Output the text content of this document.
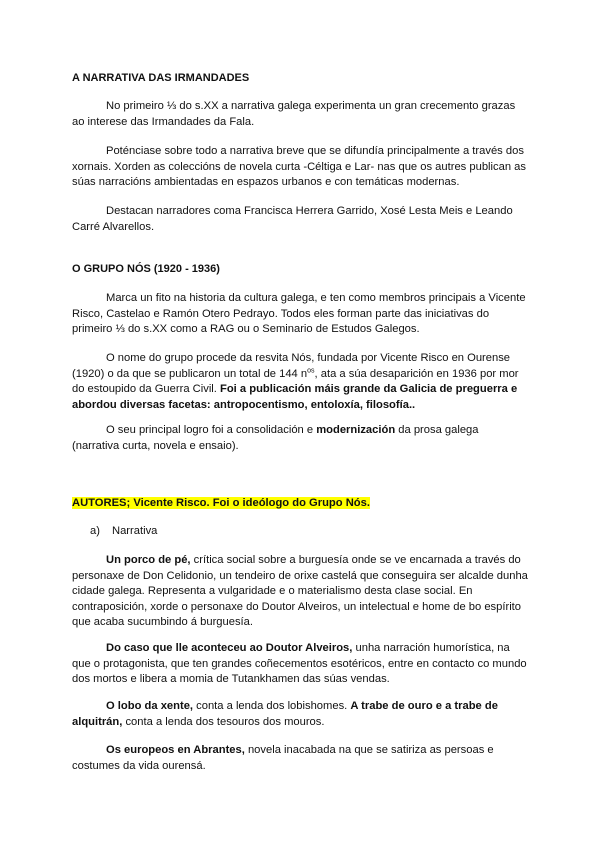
A NARRATIVA DAS IRMANDADES

No primeiro ⅓ do s.XX a narrativa galega experimenta un gran crecemento grazas ao interese das Irmandades da Fala.

Poténciase sobre todo a narrativa breve que se difundía principalmente a través dos xornais. Xorden as coleccións de novela curta -Céltiga e Lar- nas que os autres publican as súas narracións ambientadas en espazos urbanos e con temáticas modernas.

Destacan narradores coma Francisca Herrera Garrido, Xosé Lesta Meis e Leando Carré Alvarellos.

O GRUPO NÓS (1920 - 1936)

Marca un fito na historia da cultura galega, e ten como membros principais a Vicente Risco, Castelao e Ramón Otero Pedrayo. Todos eles forman parte das iniciativas do primeiro ⅓ do s.XX como a RAG ou o Seminario de Estudos Galegos.

O nome do grupo procede da resvita Nós, fundada por Vicente Risco en Ourense (1920) o da que se publicaron un total de 144 $n^{os}$, ata a súa desaparición en 1936 por mor do estoupido da Guerra Civil. Foi a publicación máis grande da Galicia de preguerra e abordou diversas facetas: antropocentismo, entoloxía, filosofía..

O seu principal logro foi a consolidación e modernización da prosa galega (narrativa curta, novela e ensaio).

AUTORES; Vicente Risco. Foi o ideólogo do Grupo Nós.

a) Narrativa

Un porco de pé, crítica social sobre a burguesía onde se ve encarnada a través do personaxe de Don Celidonio, un tendeiro de orixe castelá que conseguira ser alcalde dunha cidade galega. Representa a vulgaridade e o materialismo desta clase social. En contraposición, xorde o personaxe do Doutor Alveiros, un intelectual e home de bo espírito que acaba sucumbindo á burguesía.

Do caso que lle aconteceu ao Doutor Alveiros, unha narración humorística, na que o protagonista, que ten grandes coñecementos esotéricos, entre en contacto co mundo dos mortos e libera a momia de Tutankhamen das súas vendas.

O lobo da xente, conta a lenda dos lobishomes. A trabe de ouro e a trabe de alquitrán, conta a lenda dos tesouros dos mouros.

Os europeos en Abrantes, novela inacabada na que se satiriza as persoas e costumes da vida ourensá.
